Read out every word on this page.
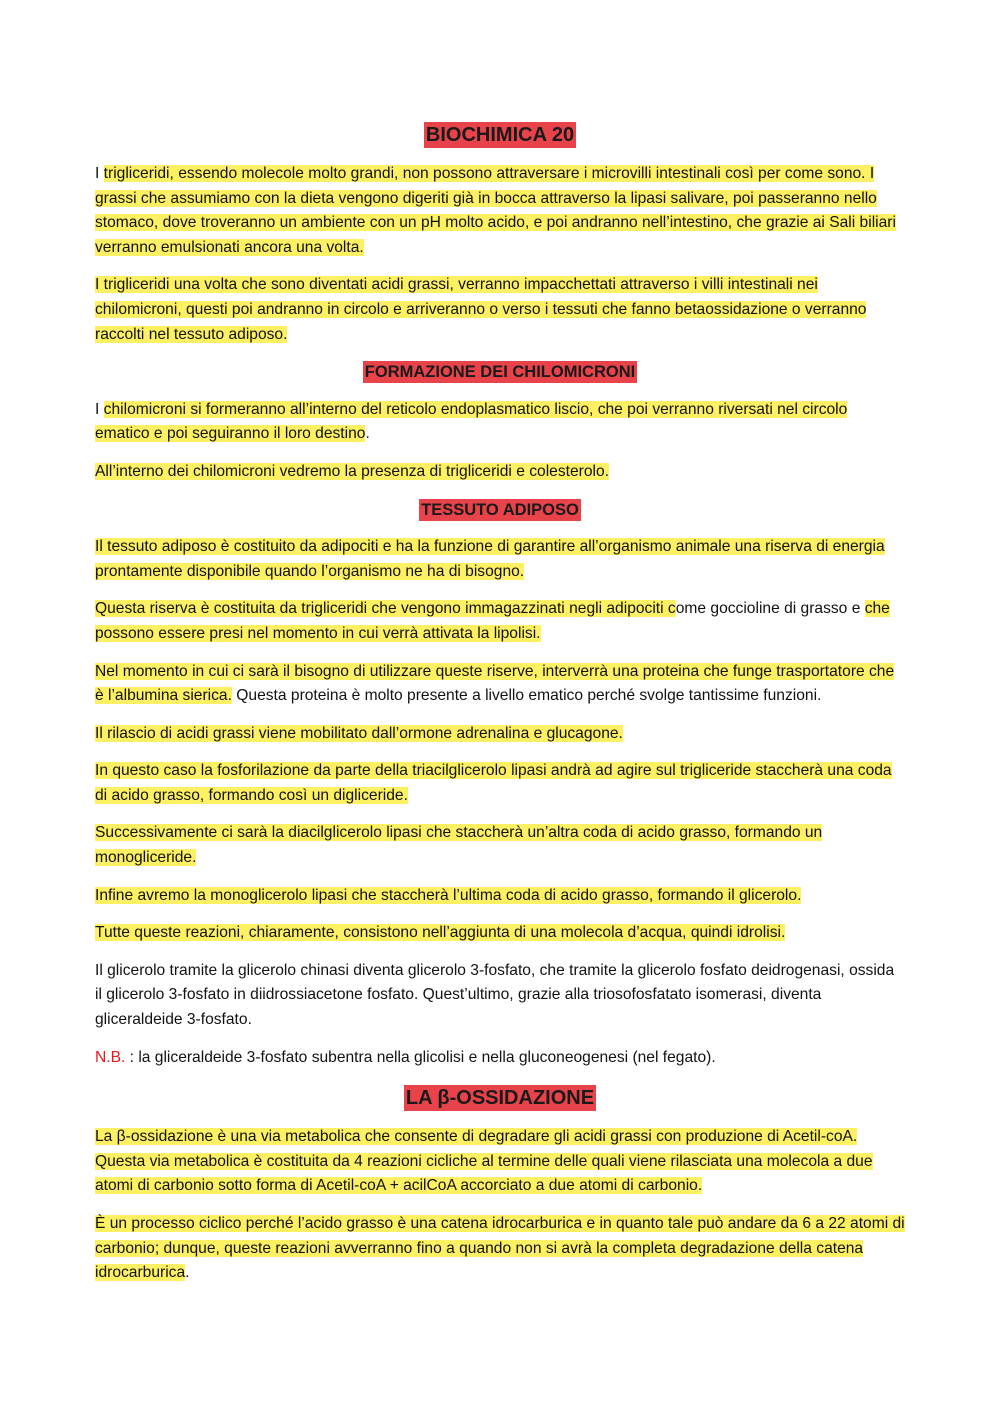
BIOCHIMICA 20

I trigliceridi, essendo molecole molto grandi, non possono attraversare i microvilli intestinali così per come sono. I grassi che assumiamo con la dieta vengono digeriti già in bocca attraverso la lipasi salivare, poi passeranno nello stomaco, dove troveranno un ambiente con un pH molto acido, e poi andranno nell’intestino, che grazie ai Sali biliari verranno emulsionati ancora una volta.

I trigliceridi una volta che sono diventati acidi grassi, verranno impacchettati attraverso i villi intestinali nei chilomicroni, questi poi andranno in circolo e arriveranno o verso i tessuti che fanno betaossidazione o verranno raccolti nel tessuto adiposo.

FORMAZIONE DEI CHILOMICRONI

I chilomicroni si formeranno all’interno del reticolo endoplasmatico liscio, che poi verranno riversati nel circolo ematico e poi seguiranno il loro destino.

All’interno dei chilomicroni vedremo la presenza di trigliceridi e colesterolo.

TESSUTO ADIPOSO

Il tessuto adiposo è costituito da adipociti e ha la funzione di garantire all’organismo animale una riserva di energia prontamente disponibile quando l’organismo ne ha di bisogno.

Questa riserva è costituita da trigliceridi che vengono immagazzinati negli adipociti come goccioline di grasso e che possono essere presi nel momento in cui verrà attivata la lipolisi.

Nel momento in cui ci sarà il bisogno di utilizzare queste riserve, interverrà una proteina che funge trasportatore che è l’albumina sierica. Questa proteina è molto presente a livello ematico perché svolge tantissime funzioni.

Il rilascio di acidi grassi viene mobilitato dall’ormone adrenalina e glucagone.

In questo caso la fosforilazione da parte della triacilglicerolo lipasi andrà ad agire sul trigliceride staccherà una coda di acido grasso, formando così un digliceride.

Successivamente ci sarà la diacilglicerolo lipasi che staccherà un’altra coda di acido grasso, formando un monogliceride.

Infine avremo la monoglicerolo lipasi che staccherà l’ultima coda di acido grasso, formando il glicerolo.

Tutte queste reazioni, chiaramente, consistono nell’aggiunta di una molecola d’acqua, quindi idrolisi.

Il glicerolo tramite la glicerolo chinasi diventa glicerolo 3-fosfato, che tramite la glicerolo fosfato deidrogenasi, ossida il glicerolo 3-fosfato in diidrossiacetone fosfato. Quest’ultimo, grazie alla triosofosfatato isomerasi, diventa gliceraldeide 3-fosfato.

N.B. : la gliceraldeide 3-fosfato subentra nella glicolisi e nella gluconeogenesi (nel fegato).

LA β-OSSIDAZIONE

La β-ossidazione è una via metabolica che consente di degradare gli acidi grassi con produzione di Acetil-coA. Questa via metabolica è costituita da 4 reazioni cicliche al termine delle quali viene rilasciata una molecola a due atomi di carbonio sotto forma di Acetil-coA + acilCoA accorciato a due atomi di carbonio.

È un processo ciclico perché l’acido grasso è una catena idrocarburica e in quanto tale può andare da 6 a 22 atomi di carbonio; dunque, queste reazioni avverranno fino a quando non si avrà la completa degradazione della catena idrocarburica.
